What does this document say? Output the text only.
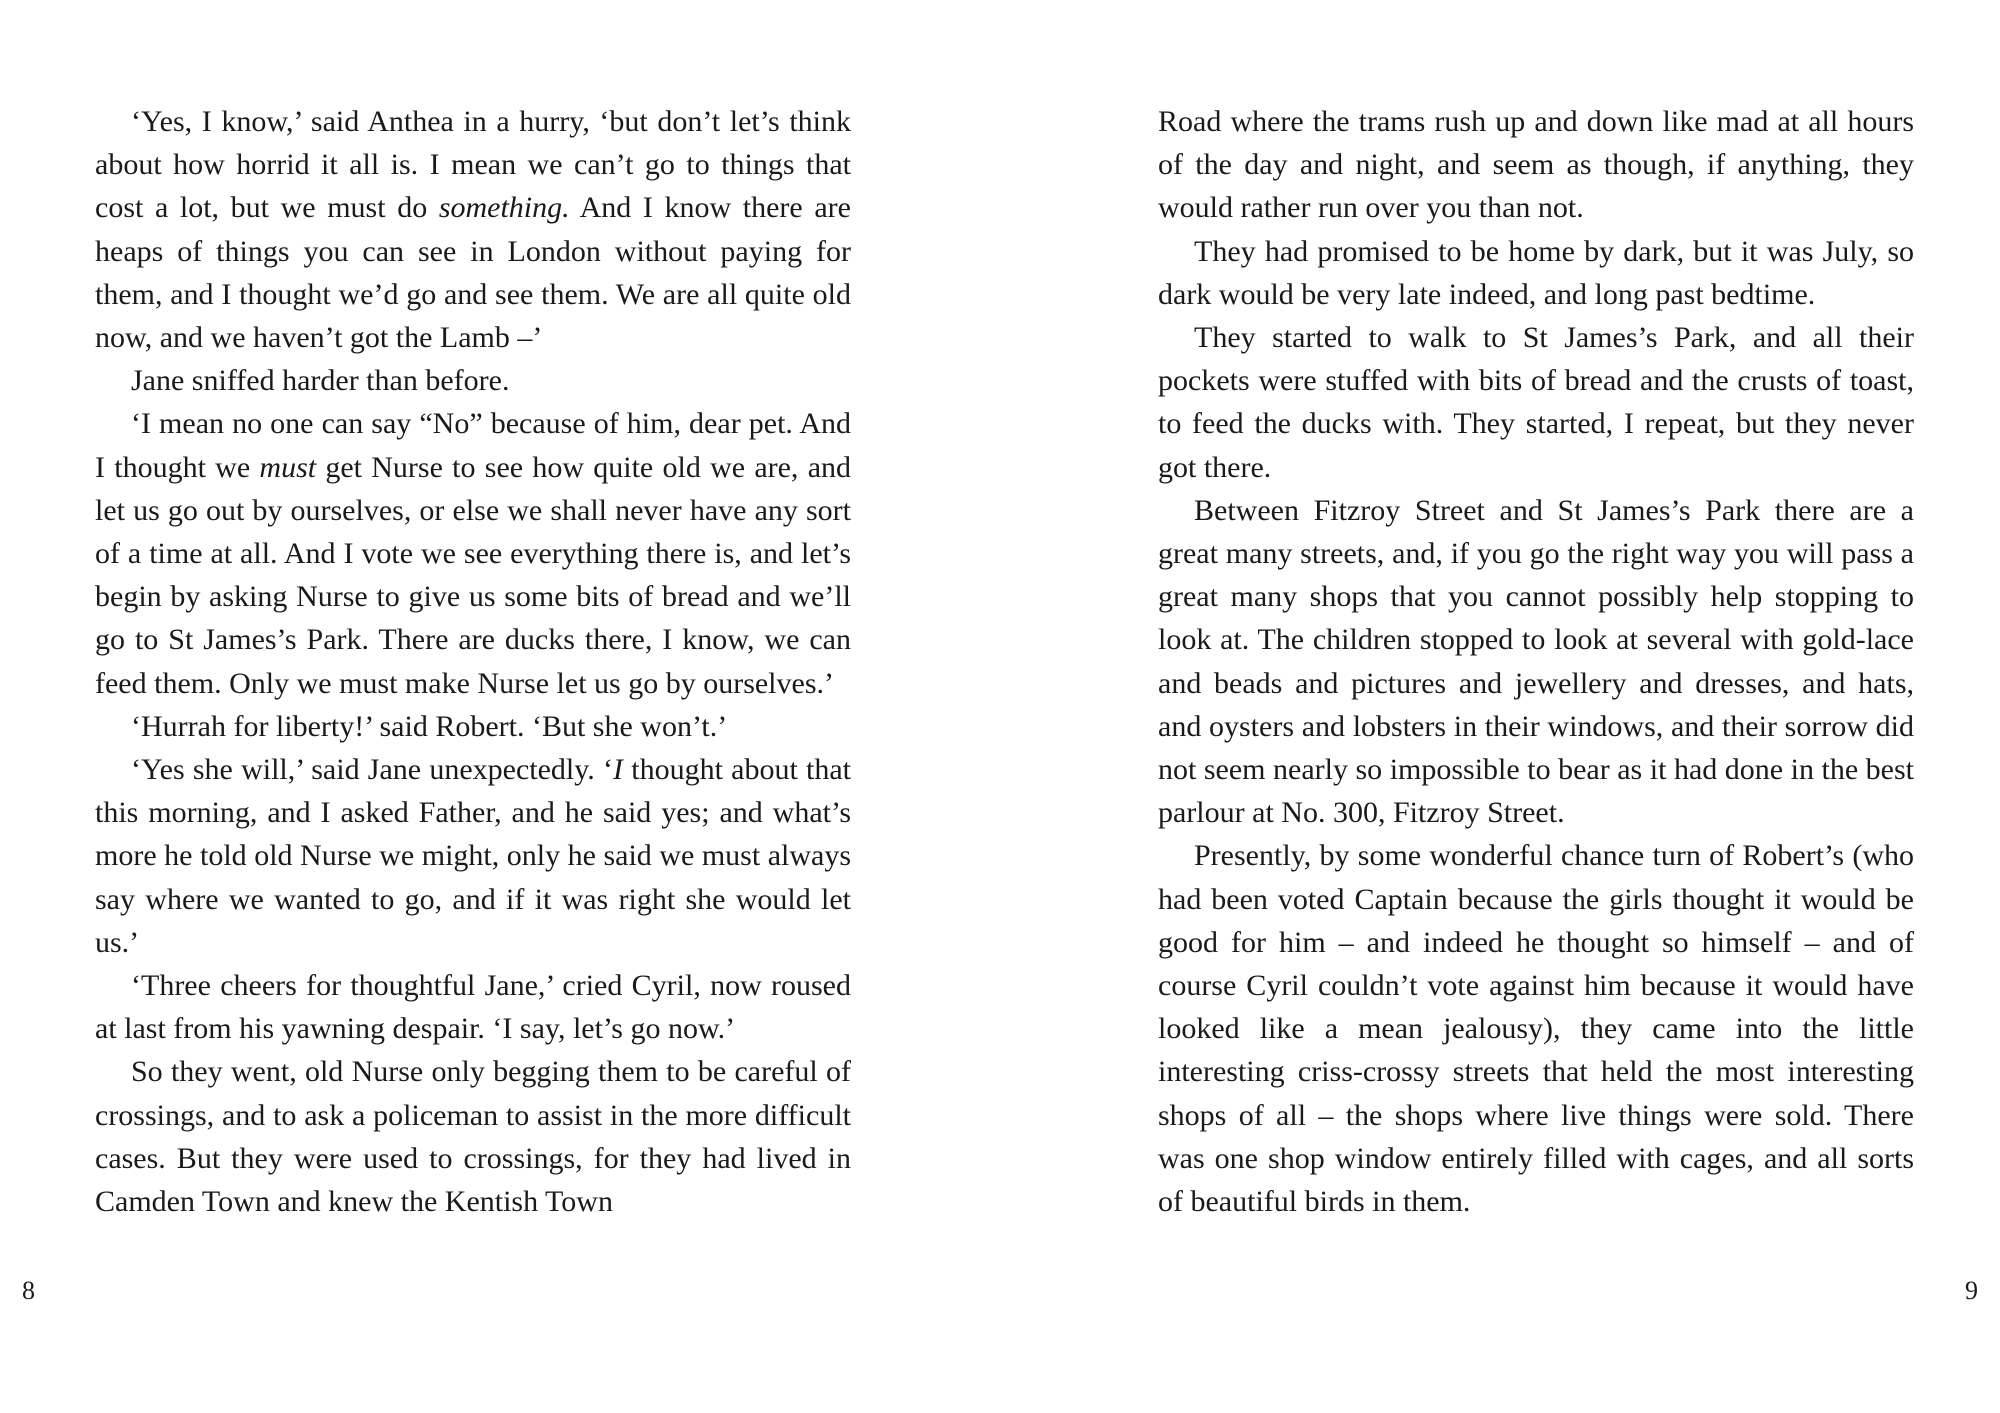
‘Yes, I know,’ said Anthea in a hurry, ‘but don’t let’s think about how horrid it all is. I mean we can’t go to things that cost a lot, but we must do something. And I know there are heaps of things you can see in London without paying for them, and I thought we’d go and see them. We are all quite old now, and we haven’t got the Lamb –’

Jane sniffed harder than before.

‘I mean no one can say “No” because of him, dear pet. And I thought we must get Nurse to see how quite old we are, and let us go out by ourselves, or else we shall never have any sort of a time at all. And I vote we see everything there is, and let’s begin by asking Nurse to give us some bits of bread and we’ll go to St James’s Park. There are ducks there, I know, we can feed them. Only we must make Nurse let us go by ourselves.’

‘Hurrah for liberty!’ said Robert. ‘But she won’t.’

‘Yes she will,’ said Jane unexpectedly. ‘I thought about that this morning, and I asked Father, and he said yes; and what’s more he told old Nurse we might, only he said we must always say where we wanted to go, and if it was right she would let us.’

‘Three cheers for thoughtful Jane,’ cried Cyril, now roused at last from his yawning despair. ‘I say, let’s go now.’

So they went, old Nurse only begging them to be careful of crossings, and to ask a policeman to assist in the more difficult cases. But they were used to crossings, for they had lived in Camden Town and knew the Kentish Town

8

Road where the trams rush up and down like mad at all hours of the day and night, and seem as though, if anything, they would rather run over you than not.

They had promised to be home by dark, but it was July, so dark would be very late indeed, and long past bedtime.

They started to walk to St James’s Park, and all their pockets were stuffed with bits of bread and the crusts of toast, to feed the ducks with. They started, I repeat, but they never got there.

Between Fitzroy Street and St James’s Park there are a great many streets, and, if you go the right way you will pass a great many shops that you cannot possibly help stopping to look at. The children stopped to look at several with gold-lace and beads and pictures and jewellery and dresses, and hats, and oysters and lobsters in their windows, and their sorrow did not seem nearly so impossible to bear as it had done in the best parlour at No. 300, Fitzroy Street.

Presently, by some wonderful chance turn of Robert’s (who had been voted Captain because the girls thought it would be good for him – and indeed he thought so himself – and of course Cyril couldn’t vote against him because it would have looked like a mean jealousy), they came into the little interesting criss-crossy streets that held the most interesting shops of all – the shops where live things were sold. There was one shop window entirely filled with cages, and all sorts of beautiful birds in them.

9
